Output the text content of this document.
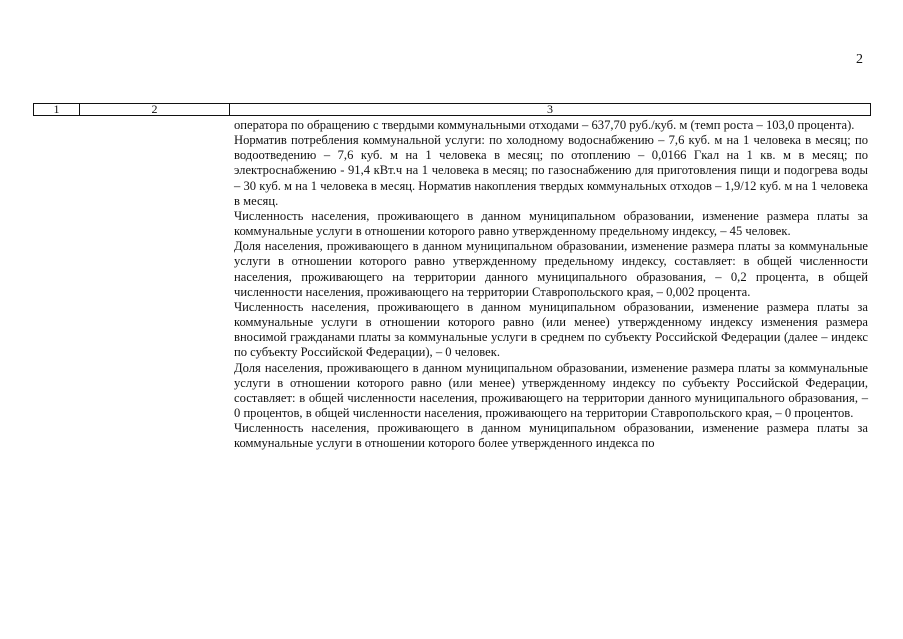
2
1	2	3

оператора по обращению с твердыми коммунальными отходами – 637,70 руб./куб. м (темп роста – 103,0 процента).

Норматив потребления коммунальной услуги: по холодному водоснабжению – 7,6 куб. м на 1 человека в месяц; по водоотведению – 7,6 куб. м на 1 человека в месяц; по отоплению – 0,0166 Гкал на 1 кв. м в месяц; по электроснабжению - 91,4 кВт.ч на 1 человека в месяц; по газоснабжению для приготовления пищи и подогрева воды – 30 куб. м на 1 человека в месяц. Норматив накопления твердых коммунальных отходов – 1,9/12 куб. м на 1 человека в месяц.

Численность населения, проживающего в данном муниципальном образовании, изменение размера платы за коммунальные услуги в отношении которого равно утвержденному предельному индексу, – 45 человек.

Доля населения, проживающего в данном муниципальном образовании, изменение размера платы за коммунальные услуги в отношении которого равно утвержденному предельному индексу, составляет: в общей численности населения, проживающего на территории данного муниципального образования, – 0,2 процента, в общей численности населения, проживающего на территории Ставропольского края, – 0,002 процента.

Численность населения, проживающего в данном муниципальном образовании, изменение размера платы за коммунальные услуги в отношении которого равно (или менее) утвержденному индексу изменения размера вносимой гражданами платы за коммунальные услуги в среднем по субъекту Российской Федерации (далее – индекс по субъекту Российской Федерации), – 0 человек.

Доля населения, проживающего в данном муниципальном образовании, изменение размера платы за коммунальные услуги в отношении которого равно (или менее) утвержденному индексу по субъекту Российской Федерации, составляет: в общей численности населения, проживающего на территории данного муниципального образования, – 0 процентов, в общей численности населения, проживающего на территории Ставропольского края, – 0 процентов.

Численность населения, проживающего в данном муниципальном образовании, изменение размера платы за коммунальные услуги в отношении которого более утвержденного индекса по
